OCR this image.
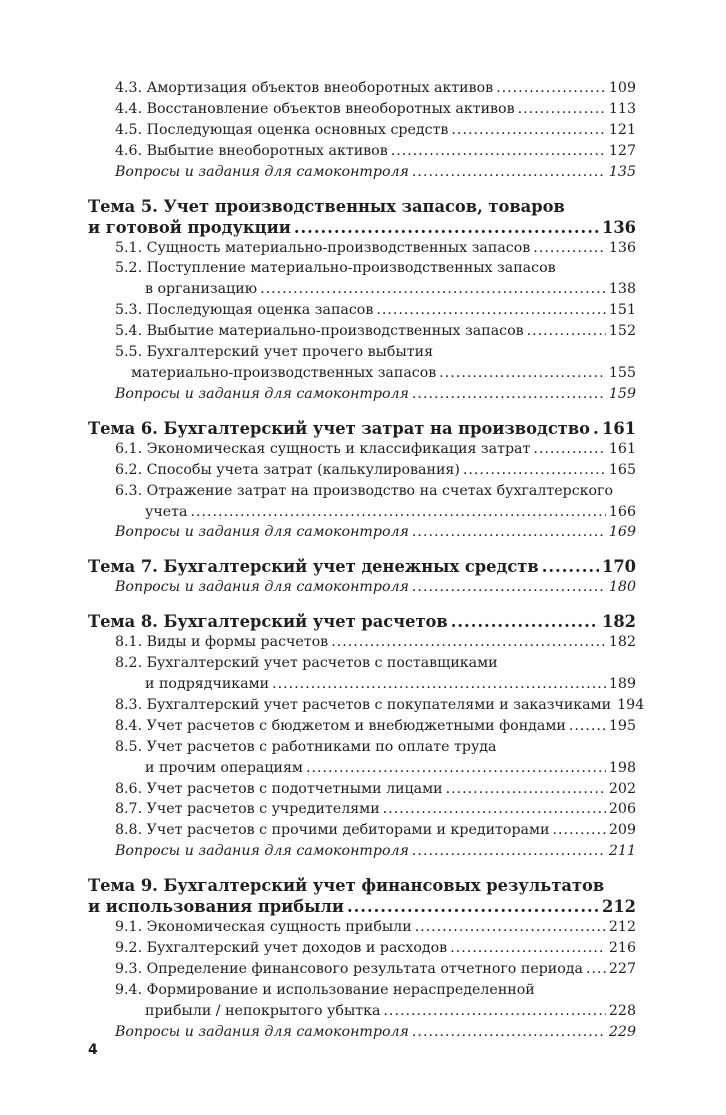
4.3. Амортизация объектов внеоборотных активов .....	109
4.4. Восстановление объектов внеоборотных активов .....	113
4.5. Последующая оценка основных средств .....	121
4.6. Выбытие внеоборотных активов .....	127
Вопросы и задания для самоконтроля .....	135
Тема 5. Учет производственных запасов, товаров
и готовой продукции .....	136
5.1. Сущность материально-производственных запасов .....	136
5.2. Поступление материально-производственных запасов
в организацию .....	138
5.3. Последующая оценка запасов .....	151
5.4. Выбытие материально-производственных запасов .....	152
5.5. Бухгалтерский учет прочего выбытия
материально-производственных запасов .....	155
Вопросы и задания для самоконтроля .....	159
Тема 6. Бухгалтерский учет затрат на производство ..... 161
6.1. Экономическая сущность и классификация затрат .....	161
6.2. Способы учета затрат (калькулирования) .....	165
6.3. Отражение затрат на производство на счетах бухгалтерского
учета .....	166
Вопросы и задания для самоконтроля .....	169
Тема 7. Бухгалтерский учет денежных средств .....	170
Вопросы и задания для самоконтроля .....	180
Тема 8. Бухгалтерский учет расчетов .....	182
8.1. Виды и формы расчетов .....	182
8.2. Бухгалтерский учет расчетов с поставщиками
и подрядчиками .....	189
8.3. Бухгалтерский учет расчетов с покупателями и заказчиками 194
8.4. Учет расчетов с бюджетом и внебюджетными фондами .....	195
8.5. Учет расчетов с работниками по оплате труда
и прочим операциям .....	198
8.6. Учет расчетов с подотчетными лицами .....	202
8.7. Учет расчетов с учредителями .....	206
8.8. Учет расчетов с прочими дебиторами и кредиторами .....	209
Вопросы и задания для самоконтроля .....	211
Тема 9. Бухгалтерский учет финансовых результатов
и использования прибыли .....	212
9.1. Экономическая сущность прибыли .....	212
9.2. Бухгалтерский учет доходов и расходов .....	216
9.3. Определение финансового результата отчетного периода ..... 227
9.4. Формирование и использование нераспределенной
прибыли / непокрытого убытка .....	228
Вопросы и задания для самоконтроля .....	229
4
